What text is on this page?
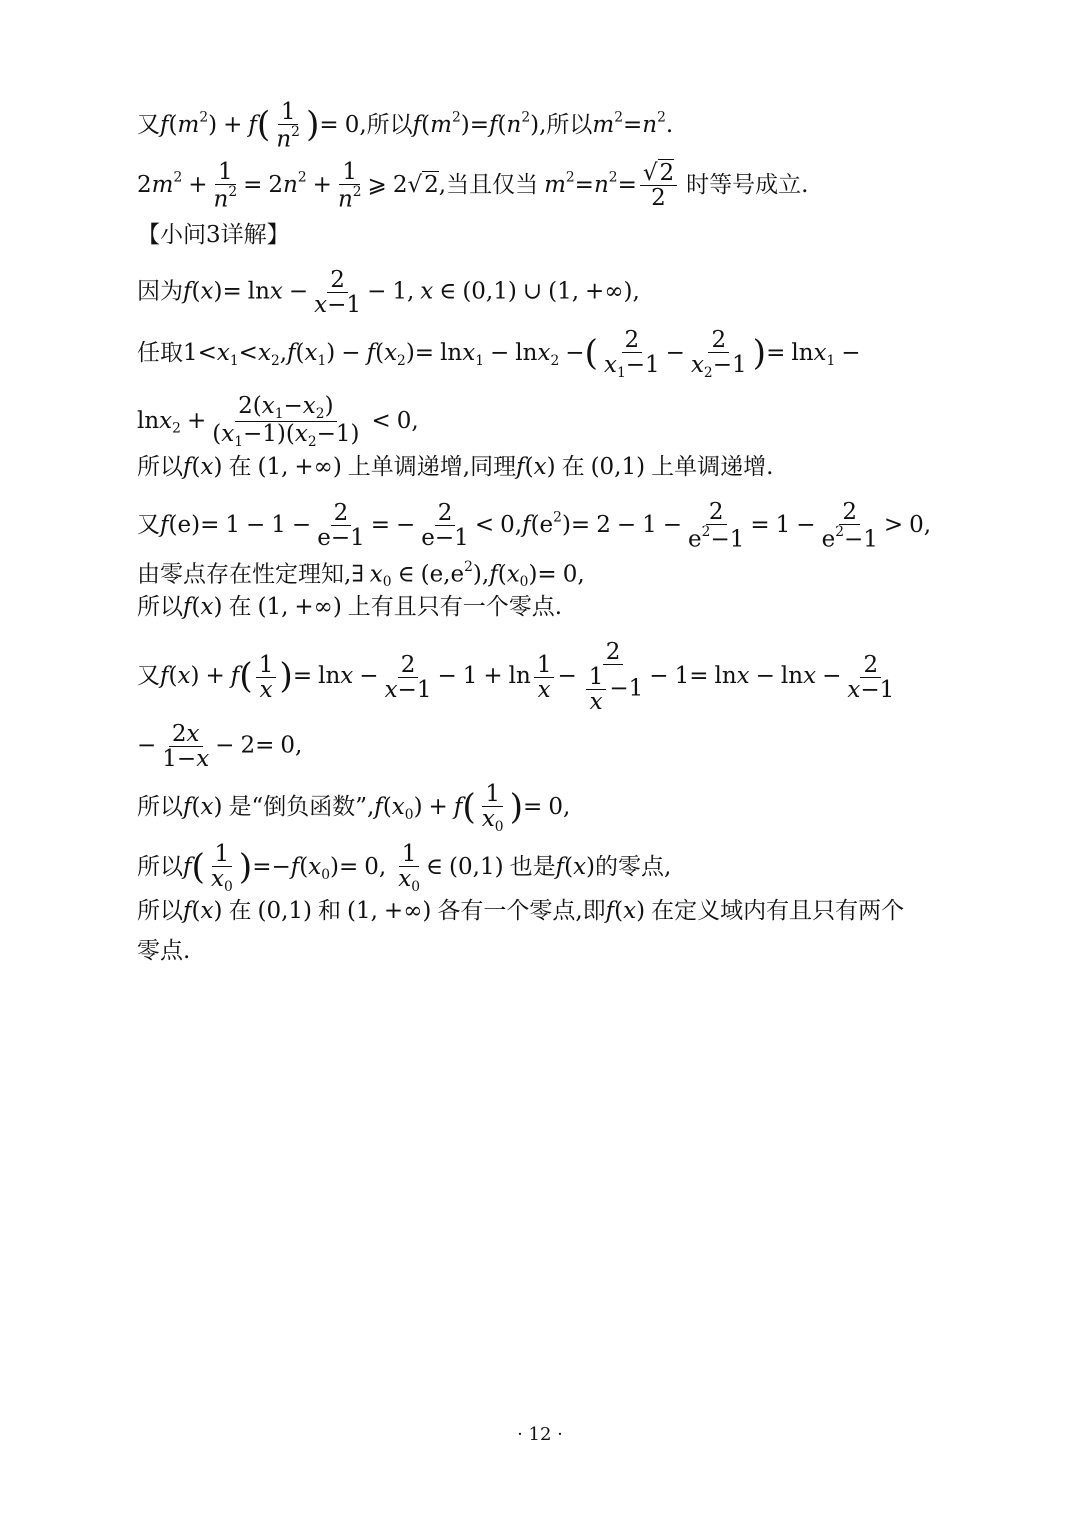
又$f(m^2) + f( \frac{1}{n^2}$ )= 0,所以$f(m^2)=f(n^2)$,所以$m^2=n^2$.
$2m^2 + \frac{1}{n^2} = 2n^2 + \frac{1}{n^2}$ ⩾ 2√2,当且仅当 $m^2=n^2= \frac{√2}{2}$ 时等号成立.
【小问3详解】
因为$f(x)= \ln x - \frac{2}{x-1} - 1$, x ∈ (0,1) ∪ (1, +∞),
任取$1<x_1<x_2,f(x_1) - f(x_2)= \ln x_1 - \ln x_2$ −( $\frac{2}{x_1-1} - \frac{2}{x_2-1}$ )= lnx$_1$ −
$\ln x_2 + \frac{2(x_1-x_2)}{(x_1-1)(x_2-1)} < 0$,
所以f(x) 在 (1, +∞) 上单调递增,同理f(x) 在 (0,1) 上单调递增.
又$f(e)= 1 - 1 - \frac{2}{e-1}$ = − $\frac{2}{e-1} < 0,f(e^2)= 2 - 1 - \frac{2}{e^2-1} = 1 - \frac{2}{e^2-1} > 0$,
由零点存在性定理知,∃ $x_0$ ∈ $(e,e^2),f(x_0)= 0$,
所以f(x) 在 (1, +∞) 上有且只有一个零点.
又$f(x) + f( \frac{1}{x}$ )= $\ln x - \frac{2}{x-1} - 1 + \ln \frac{1}{x} - \frac{2}{\frac{1}{x} -1} - 1= \ln x - \ln x - \frac{2}{x-1}$
− $\frac{2x}{1-x} - 2= 0$,
所以f(x) 是“倒负函数$”,f(x_0) + f( \frac{1}{x_0}$ )= 0,
所以$f( \frac{1}{x_0} )=-f(x_0)= 0$, $\frac{1}{x_0}$ ∈ (0,1) 也是f(x)的零点,
所以f(x) 在 (0,1) 和 (1, +∞) 各有一个零点,即f(x) 在定义域内有且只有两个
零点.
· 12 ·
